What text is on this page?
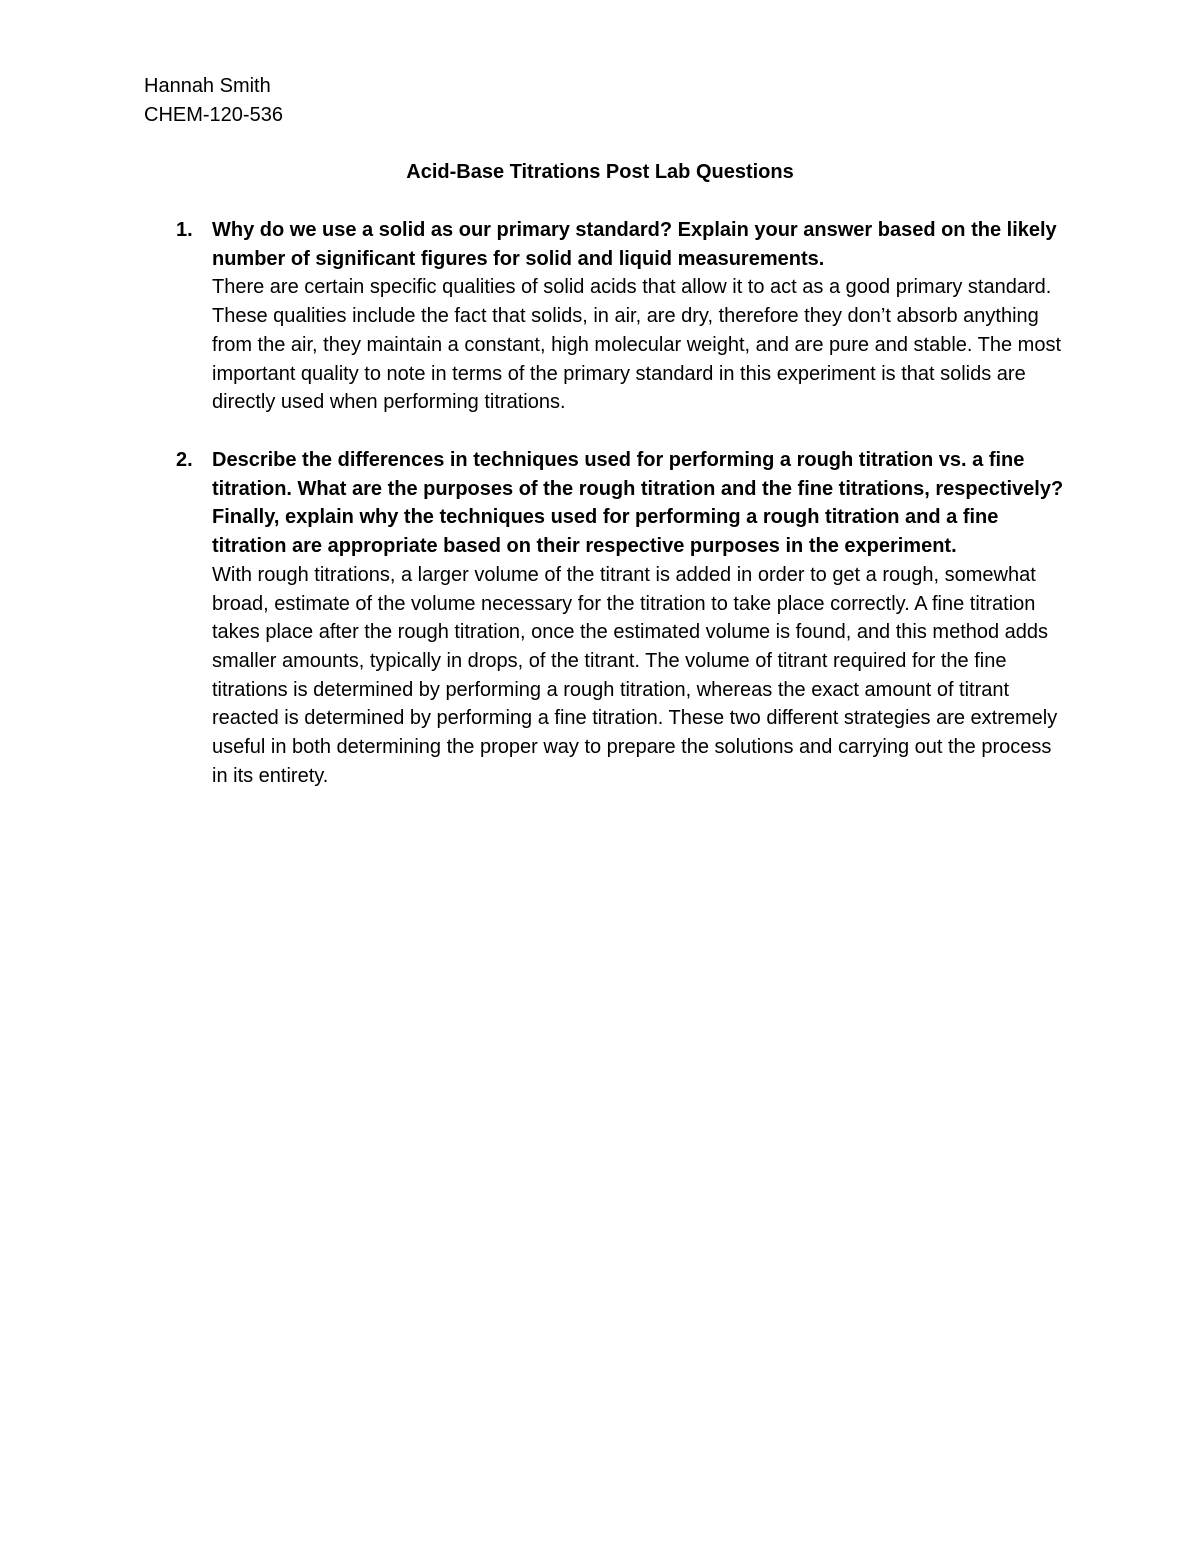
Hannah Smith

CHEM-120-536

Acid-Base Titrations Post Lab Questions
1. Why do we use a solid as our primary standard? Explain your answer based on the likely number of significant figures for solid and liquid measurements.

There are certain specific qualities of solid acids that allow it to act as a good primary standard. These qualities include the fact that solids, in air, are dry, therefore they don’t absorb anything from the air, they maintain a constant, high molecular weight, and are pure and stable. The most important quality to note in terms of the primary standard in this experiment is that solids are directly used when performing titrations.

2. Describe the differences in techniques used for performing a rough titration vs. a fine titration. What are the purposes of the rough titration and the fine titrations, respectively? Finally, explain why the techniques used for performing a rough titration and a fine titration are appropriate based on their respective purposes in the experiment.

With rough titrations, a larger volume of the titrant is added in order to get a rough, somewhat broad, estimate of the volume necessary for the titration to take place correctly. A fine titration takes place after the rough titration, once the estimated volume is found, and this method adds smaller amounts, typically in drops, of the titrant. The volume of titrant required for the fine titrations is determined by performing a rough titration, whereas the exact amount of titrant reacted is determined by performing a fine titration. These two different strategies are extremely useful in both determining the proper way to prepare the solutions and carrying out the process in its entirety.
